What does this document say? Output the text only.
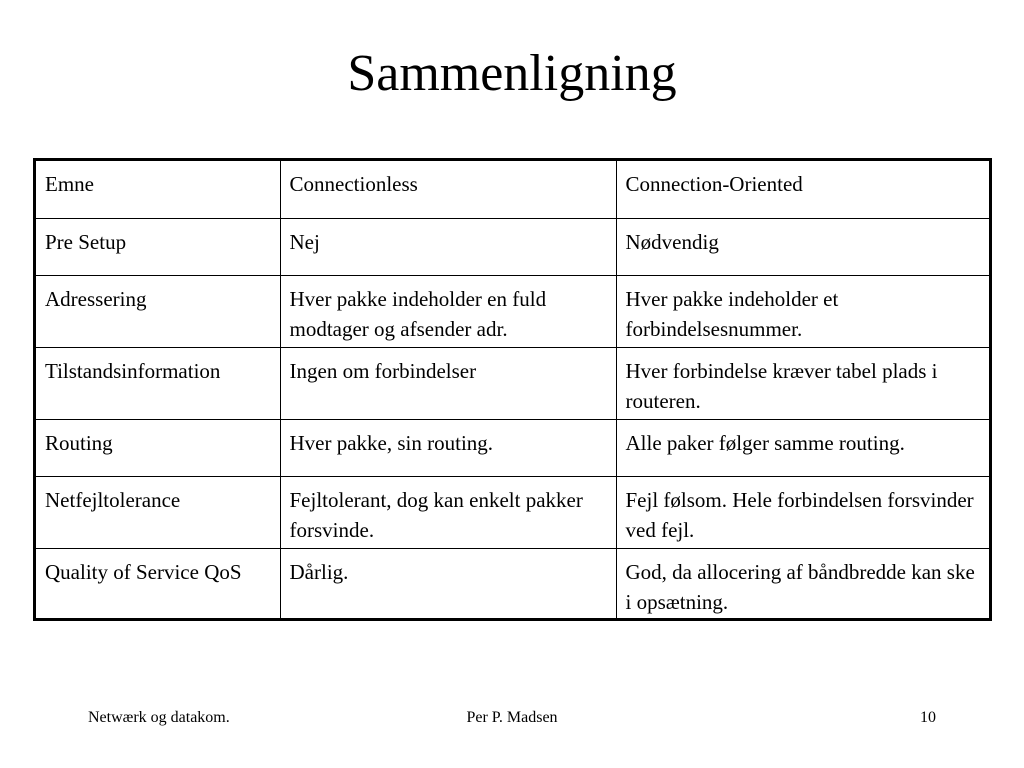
Sammenligning
Emne	Connectionless	Connection-Oriented
Pre Setup	Nej	Nødvendig
Adressering	Hver pakke indeholder en fuld modtager og afsender adr.	Hver pakke indeholder et forbindelsesnummer.
Tilstandsinformation	Ingen om forbindelser	Hver forbindelse kræver tabel plads i routeren.
Routing	Hver pakke, sin routing.	Alle paker følger samme routing.
Netfejltolerance	Fejltolerant, dog kan enkelt pakker forsvinde.	Fejl følsom. Hele forbindelsen forsvinder ved fejl.
Quality of Service QoS	Dårlig.	God, da allocering af båndbredde kan ske i opsætning.
Netwærk og datakom.	Per P. Madsen	10
